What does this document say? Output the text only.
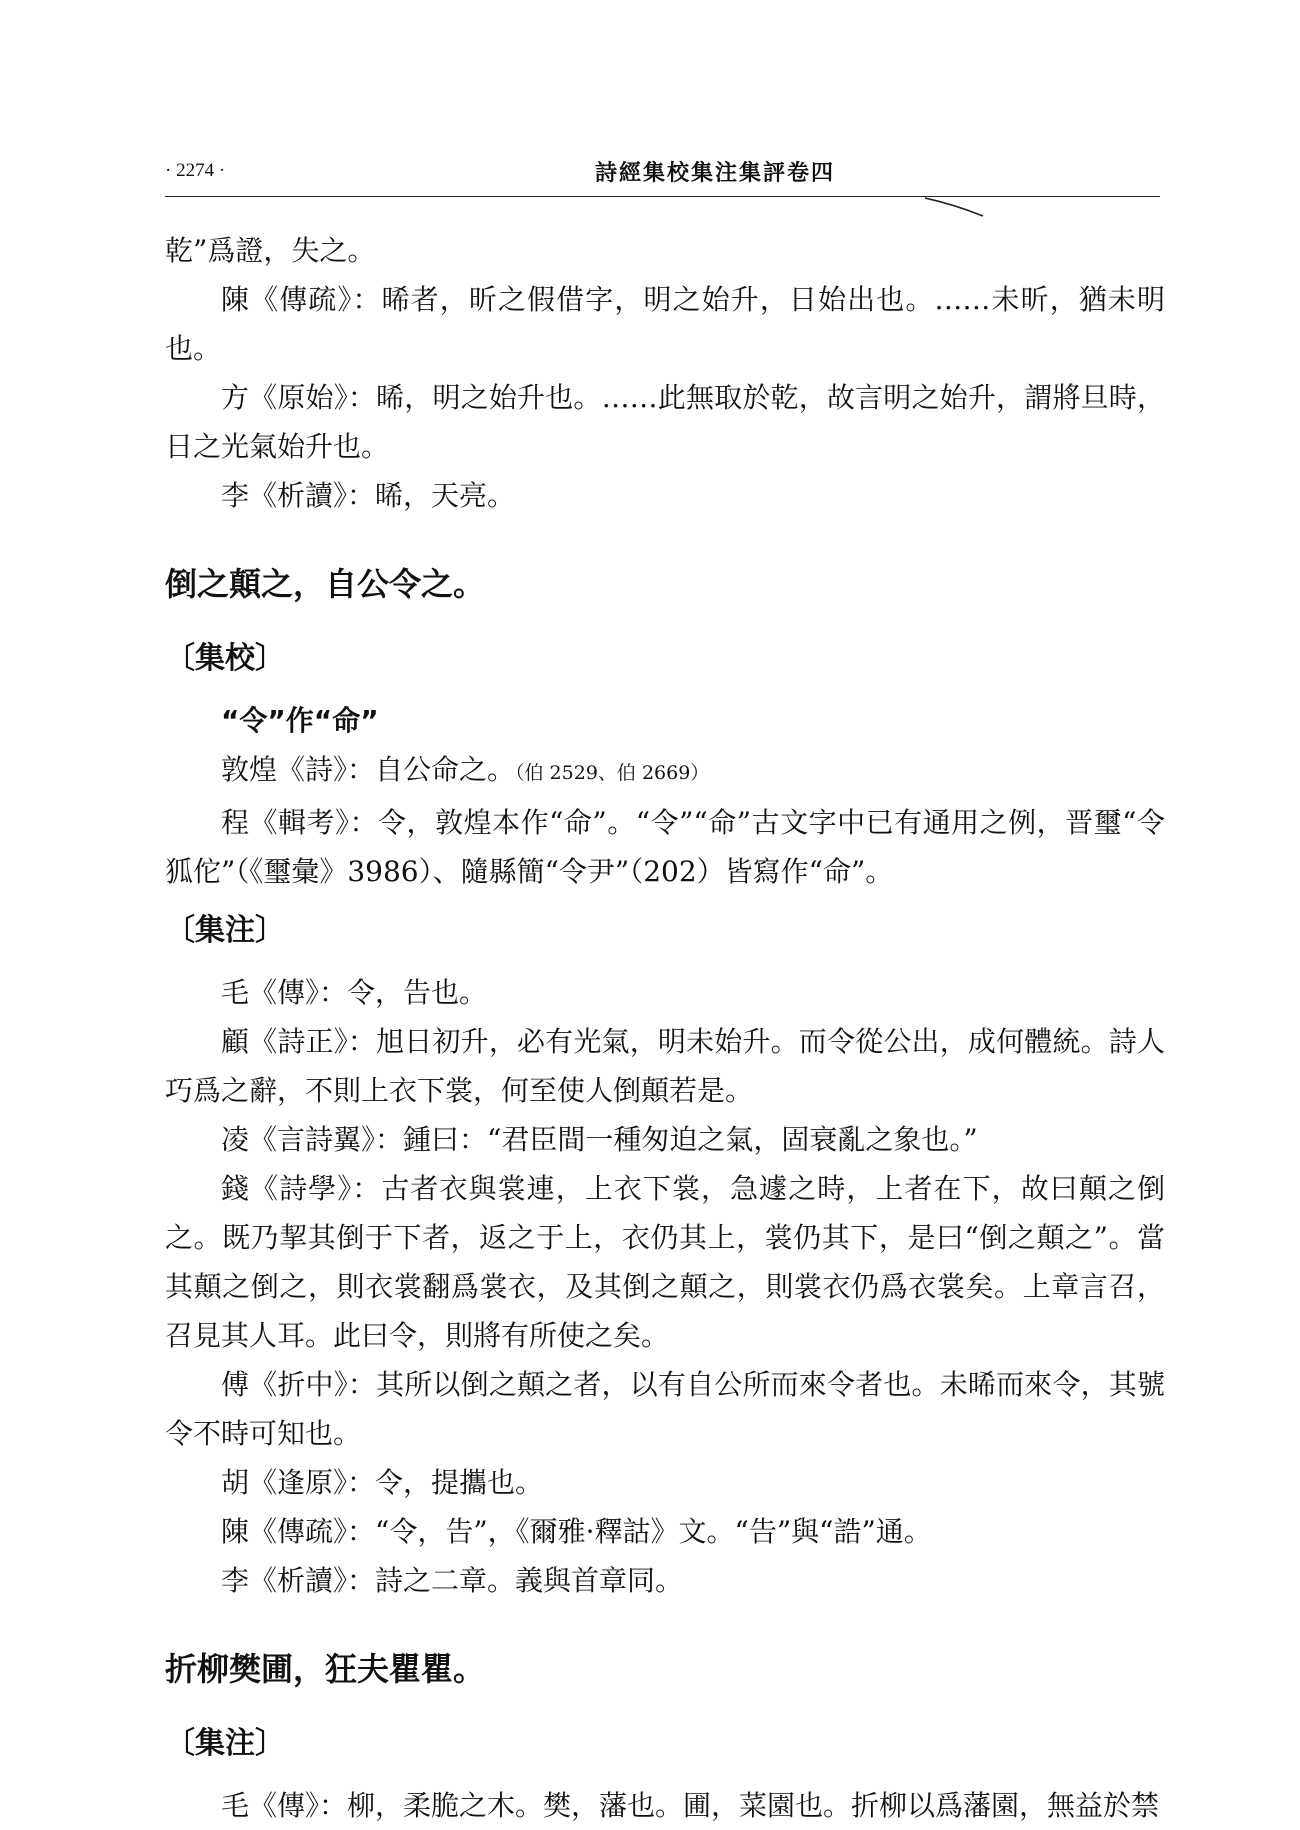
· 2274 ·	詩經集校集注集評卷四

乾”爲證，失之。

陳《傳疏》：晞者，昕之假借字，明之始升，日始出也。……未昕，猶未明也。

方《原始》：晞，明之始升也。……此無取於乾，故言明之始升，謂將旦時，日之光氣始升也。

李《析讀》：晞，天亮。

倒之顛之，自公令之。
〔集校〕

“令”作“命”

敦煌《詩》：自公命之。（伯 2529、伯 2669）

程《輯考》：令，敦煌本作“命”。“令”“命”古文字中已有通用之例，晋璽“令狐佗”（《璽彙》3986）、隨縣簡“令尹”（202）皆寫作“命”。

〔集注〕

毛《傳》：令，告也。

顧《詩正》：旭日初升，必有光氣，明未始升。而令從公出，成何體統。詩人巧爲之辭，不則上衣下裳，何至使人倒顛若是。

凌《言詩翼》：鍾曰：“君臣間一種匆迫之氣，固衰亂之象也。”

錢《詩學》：古者衣與裳連，上衣下裳，急遽之時，上者在下，故曰顛之倒之。既乃挈其倒于下者，返之于上，衣仍其上，裳仍其下，是曰“倒之顛之”。當其顛之倒之，則衣裳翻爲裳衣，及其倒之顛之，則裳衣仍爲衣裳矣。上章言召，召見其人耳。此曰令，則將有所使之矣。

傅《折中》：其所以倒之顛之者，以有自公所而來令者也。未晞而來令，其號令不時可知也。

胡《逢原》：令，提攜也。

陳《傳疏》：“令，告”，《爾雅·釋詁》文。“告”與“誥”通。

李《析讀》：詩之二章。義與首章同。

折柳樊圃，狂夫瞿瞿。
〔集注〕

毛《傳》：柳，柔脆之木。樊，藩也。圃，菜園也。折柳以爲藩園，無益於禁
